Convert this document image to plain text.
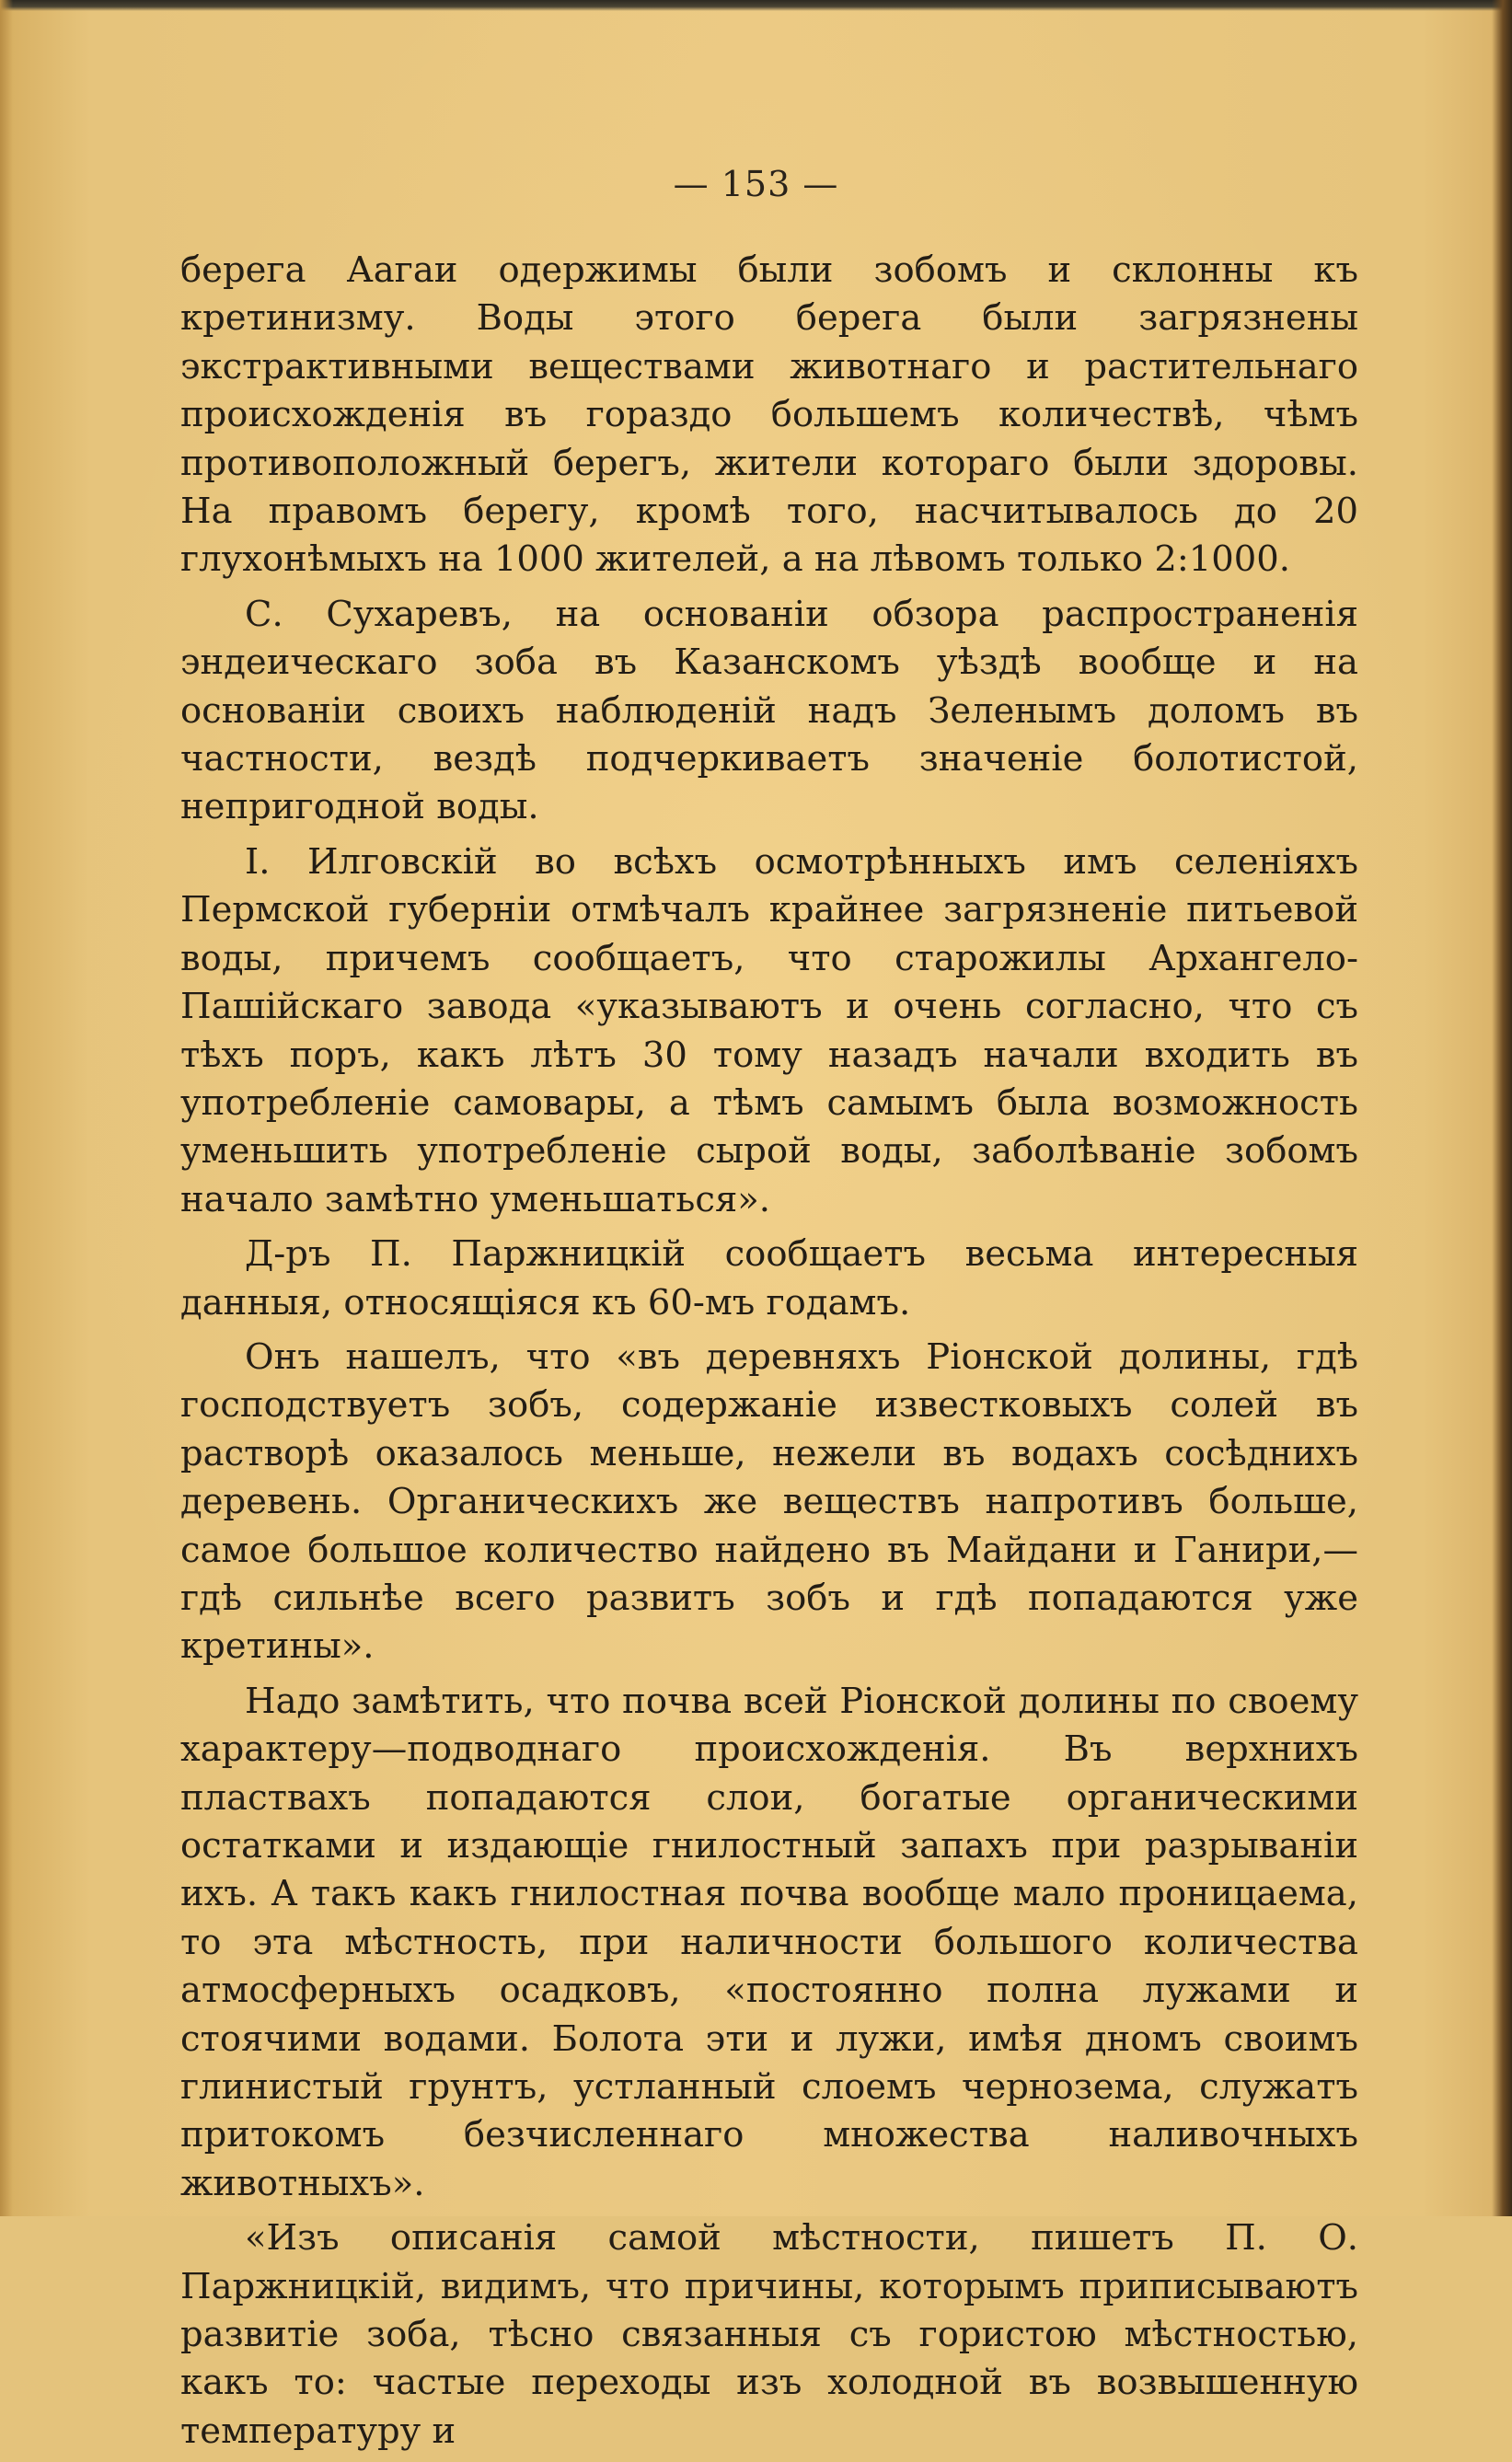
— 153 —

берега Аагаи одержимы были зобомъ и склонны къ кретинизму. Воды этого берега были загрязнены экстрактивными веществами животнаго и растительнаго происхожденія въ гораздо большемъ количествѣ, чѣмъ противоположный берегъ, жители котораго были здоровы. На правомъ берегу, кромѣ того, насчитывалось до 20 глухонѣмыхъ на 1000 жителей, а на лѣвомъ только 2:1000.

С. Сухаревъ, на основаніи обзора распространенія эндеическаго зоба въ Казанскомъ уѣздѣ вообще и на основаніи своихъ наблюденій надъ Зеленымъ доломъ въ частности, вездѣ подчеркиваетъ значеніе болотистой, непригодной воды.

I. Илговскій во всѣхъ осмотрѣнныхъ имъ селеніяхъ Пермской губерніи отмѣчалъ крайнее загрязненіе питьевой воды, причемъ сообщаетъ, что старожилы Архангело-Пашійскаго завода «указываютъ и очень согласно, что съ тѣхъ поръ, какъ лѣтъ 30 тому назадъ начали входить въ употребленіе самовары, а тѣмъ самымъ была возможность уменьшить употребленіе сырой воды, заболѣваніе зобомъ начало замѣтно уменьшаться».

Д-ръ П. Паржницкій сообщаетъ весьма интересныя данныя, относящіяся къ 60-мъ годамъ.

Онъ нашелъ, что «въ деревняхъ Ріонской долины, гдѣ господствуетъ зобъ, содержаніе известковыхъ солей въ растворѣ оказалось меньше, нежели въ водахъ сосѣднихъ деревень. Органическихъ же веществъ напротивъ больше, самое большое количество найдено въ Майдани и Ганири,—гдѣ сильнѣе всего развитъ зобъ и гдѣ попадаются уже кретины».

Надо замѣтить, что почва всей Ріонской долины по своему характеру—подводнаго происхожденія. Въ верхнихъ пластвахъ попадаются слои, богатые органическими остатками и издающіе гнилостный запахъ при разрываніи ихъ. А такъ какъ гнилостная почва вообще мало проницаема, то эта мѣстность, при наличности большого количества атмосферныхъ осадковъ, «постоянно полна лужами и стоячими водами. Болота эти и лужи, имѣя дномъ своимъ глинистый грунтъ, устланный слоемъ чернозема, служатъ притокомъ безчисленнаго множества наливочныхъ животныхъ».

«Изъ описанія самой мѣстности, пишетъ П. О. Паржницкій, видимъ, что причины, которымъ приписываютъ развитіе зоба, тѣсно связанныя съ гористою мѣстностью, какъ то: частые переходы изъ холодной въ возвышенную температуру и
